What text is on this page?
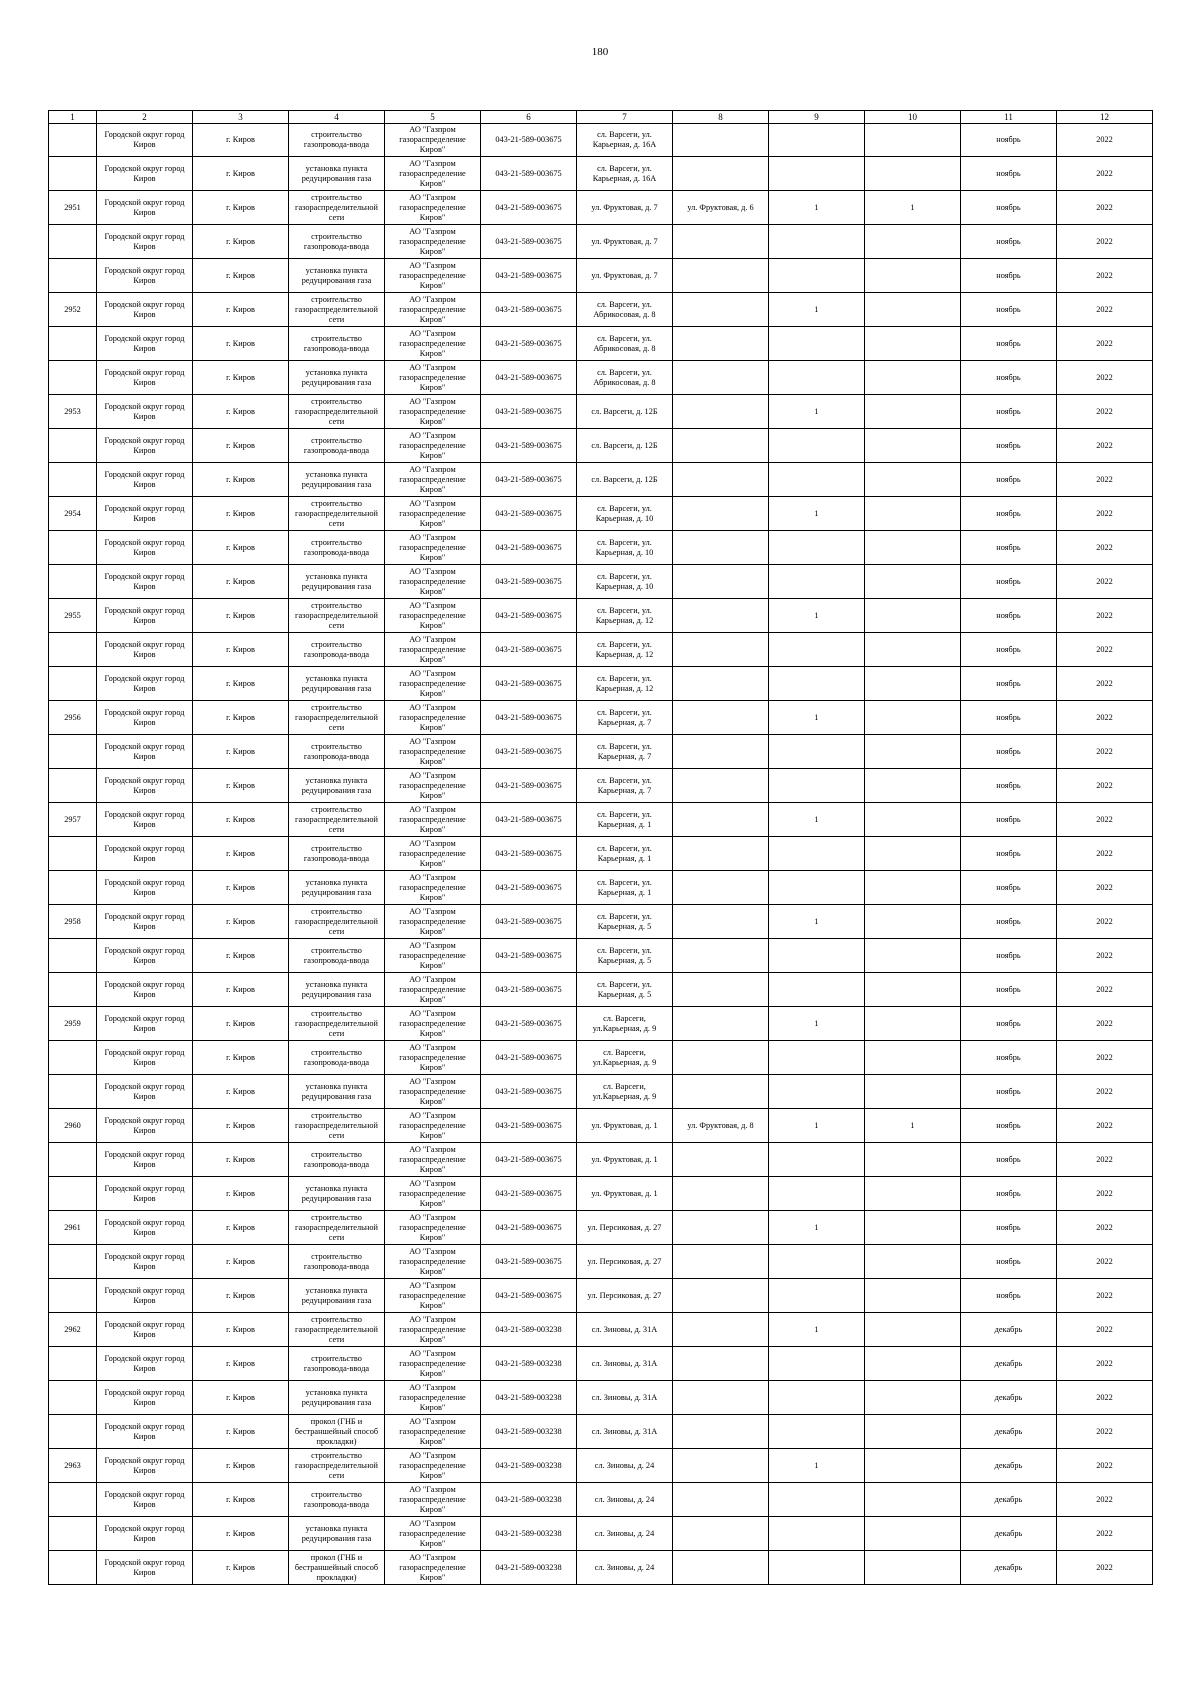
180
1	2	3	4	5	6	7	8	9	10	11	12
	Городской округ город Киров	г. Киров	строительство газопровода-ввода	АО "Газпром газораспределение Киров"	043-21-589-003675	сл. Варсеги, ул. Карьерная, д. 16А				ноябрь	2022
	Городской округ город Киров	г. Киров	установка пункта редуцирования газа	АО "Газпром газораспределение Киров"	043-21-589-003675	сл. Варсеги, ул. Карьерная, д. 16А				ноябрь	2022
2951	Городской округ город Киров	г. Киров	строительство газораспределительной сети	АО "Газпром газораспределение Киров"	043-21-589-003675	ул. Фруктовая, д. 7	ул. Фруктовая, д. 6	1	1	ноябрь	2022
	Городской округ город Киров	г. Киров	строительство газопровода-ввода	АО "Газпром газораспределение Киров"	043-21-589-003675	ул. Фруктовая, д. 7				ноябрь	2022
	Городской округ город Киров	г. Киров	установка пункта редуцирования газа	АО "Газпром газораспределение Киров"	043-21-589-003675	ул. Фруктовая, д. 7				ноябрь	2022
2952	Городской округ город Киров	г. Киров	строительство газораспределительной сети	АО "Газпром газораспределение Киров"	043-21-589-003675	сл. Варсеги, ул. Абрикосовая, д. 8		1		ноябрь	2022
	Городской округ город Киров	г. Киров	строительство газопровода-ввода	АО "Газпром газораспределение Киров"	043-21-589-003675	сл. Варсеги, ул. Абрикосовая, д. 8				ноябрь	2022
	Городской округ город Киров	г. Киров	установка пункта редуцирования газа	АО "Газпром газораспределение Киров"	043-21-589-003675	сл. Варсеги, ул. Абрикосовая, д. 8				ноябрь	2022
2953	Городской округ город Киров	г. Киров	строительство газораспределительной сети	АО "Газпром газораспределение Киров"	043-21-589-003675	сл. Варсеги, д. 12Б		1		ноябрь	2022
	Городской округ город Киров	г. Киров	строительство газопровода-ввода	АО "Газпром газораспределение Киров"	043-21-589-003675	сл. Варсеги, д. 12Б				ноябрь	2022
	Городской округ город Киров	г. Киров	установка пункта редуцирования газа	АО "Газпром газораспределение Киров"	043-21-589-003675	сл. Варсеги, д. 12Б				ноябрь	2022
2954	Городской округ город Киров	г. Киров	строительство газораспределительной сети	АО "Газпром газораспределение Киров"	043-21-589-003675	сл. Варсеги, ул. Карьерная, д. 10		1		ноябрь	2022
	Городской округ город Киров	г. Киров	строительство газопровода-ввода	АО "Газпром газораспределение Киров"	043-21-589-003675	сл. Варсеги, ул. Карьерная, д. 10				ноябрь	2022
	Городской округ город Киров	г. Киров	установка пункта редуцирования газа	АО "Газпром газораспределение Киров"	043-21-589-003675	сл. Варсеги, ул. Карьерная, д. 10				ноябрь	2022
2955	Городской округ город Киров	г. Киров	строительство газораспределительной сети	АО "Газпром газораспределение Киров"	043-21-589-003675	сл. Варсеги, ул. Карьерная, д. 12		1		ноябрь	2022
	Городской округ город Киров	г. Киров	строительство газопровода-ввода	АО "Газпром газораспределение Киров"	043-21-589-003675	сл. Варсеги, ул. Карьерная, д. 12				ноябрь	2022
	Городской округ город Киров	г. Киров	установка пункта редуцирования газа	АО "Газпром газораспределение Киров"	043-21-589-003675	сл. Варсеги, ул. Карьерная, д. 12				ноябрь	2022
2956	Городской округ город Киров	г. Киров	строительство газораспределительной сети	АО "Газпром газораспределение Киров"	043-21-589-003675	сл. Варсеги, ул. Карьерная, д. 7		1		ноябрь	2022
	Городской округ город Киров	г. Киров	строительство газопровода-ввода	АО "Газпром газораспределение Киров"	043-21-589-003675	сл. Варсеги, ул. Карьерная, д. 7				ноябрь	2022
	Городской округ город Киров	г. Киров	установка пункта редуцирования газа	АО "Газпром газораспределение Киров"	043-21-589-003675	сл. Варсеги, ул. Карьерная, д. 7				ноябрь	2022
2957	Городской округ город Киров	г. Киров	строительство газораспределительной сети	АО "Газпром газораспределение Киров"	043-21-589-003675	сл. Варсеги, ул. Карьерная, д. 1		1		ноябрь	2022
	Городской округ город Киров	г. Киров	строительство газопровода-ввода	АО "Газпром газораспределение Киров"	043-21-589-003675	сл. Варсеги, ул. Карьерная, д. 1				ноябрь	2022
	Городской округ город Киров	г. Киров	установка пункта редуцирования газа	АО "Газпром газораспределение Киров"	043-21-589-003675	сл. Варсеги, ул. Карьерная, д. 1				ноябрь	2022
2958	Городской округ город Киров	г. Киров	строительство газораспределительной сети	АО "Газпром газораспределение Киров"	043-21-589-003675	сл. Варсеги, ул. Карьерная, д. 5		1		ноябрь	2022
	Городской округ город Киров	г. Киров	строительство газопровода-ввода	АО "Газпром газораспределение Киров"	043-21-589-003675	сл. Варсеги, ул. Карьерная, д. 5				ноябрь	2022
	Городской округ город Киров	г. Киров	установка пункта редуцирования газа	АО "Газпром газораспределение Киров"	043-21-589-003675	сл. Варсеги, ул. Карьерная, д. 5				ноябрь	2022
2959	Городской округ город Киров	г. Киров	строительство газораспределительной сети	АО "Газпром газораспределение Киров"	043-21-589-003675	сл. Варсеги, ул.Карьерная, д. 9		1		ноябрь	2022
	Городской округ город Киров	г. Киров	строительство газопровода-ввода	АО "Газпром газораспределение Киров"	043-21-589-003675	сл. Варсеги, ул.Карьерная, д. 9				ноябрь	2022
	Городской округ город Киров	г. Киров	установка пункта редуцирования газа	АО "Газпром газораспределение Киров"	043-21-589-003675	сл. Варсеги, ул.Карьерная, д. 9				ноябрь	2022
2960	Городской округ город Киров	г. Киров	строительство газораспределительной сети	АО "Газпром газораспределение Киров"	043-21-589-003675	ул. Фруктовая, д. 1	ул. Фруктовая, д. 8	1	1	ноябрь	2022
	Городской округ город Киров	г. Киров	строительство газопровода-ввода	АО "Газпром газораспределение Киров"	043-21-589-003675	ул. Фруктовая, д. 1				ноябрь	2022
	Городской округ город Киров	г. Киров	установка пункта редуцирования газа	АО "Газпром газораспределение Киров"	043-21-589-003675	ул. Фруктовая, д. 1				ноябрь	2022
2961	Городской округ город Киров	г. Киров	строительство газораспределительной сети	АО "Газпром газораспределение Киров"	043-21-589-003675	ул. Персиковая, д. 27		1		ноябрь	2022
	Городской округ город Киров	г. Киров	строительство газопровода-ввода	АО "Газпром газораспределение Киров"	043-21-589-003675	ул. Персиковая, д. 27				ноябрь	2022
	Городской округ город Киров	г. Киров	установка пункта редуцирования газа	АО "Газпром газораспределение Киров"	043-21-589-003675	ул. Персиковая, д. 27				ноябрь	2022
2962	Городской округ город Киров	г. Киров	строительство газораспределительной сети	АО "Газпром газораспределение Киров"	043-21-589-003238	сл. Зиновы, д. 31А		1		декабрь	2022
	Городской округ город Киров	г. Киров	строительство газопровода-ввода	АО "Газпром газораспределение Киров"	043-21-589-003238	сл. Зиновы, д. 31А				декабрь	2022
	Городской округ город Киров	г. Киров	установка пункта редуцирования газа	АО "Газпром газораспределение Киров"	043-21-589-003238	сл. Зиновы, д. 31А				декабрь	2022
	Городской округ город Киров	г. Киров	прокол (ГНБ и бестраншейный способ прокладки)	АО "Газпром газораспределение Киров"	043-21-589-003238	сл. Зиновы, д. 31А				декабрь	2022
2963	Городской округ город Киров	г. Киров	строительство газораспределительной сети	АО "Газпром газораспределение Киров"	043-21-589-003238	сл. Зиновы, д. 24		1		декабрь	2022
	Городской округ город Киров	г. Киров	строительство газопровода-ввода	АО "Газпром газораспределение Киров"	043-21-589-003238	сл. Зиновы, д. 24				декабрь	2022
	Городской округ город Киров	г. Киров	установка пункта редуцирования газа	АО "Газпром газораспределение Киров"	043-21-589-003238	сл. Зиновы, д. 24				декабрь	2022
	Городской округ город Киров	г. Киров	прокол (ГНБ и бестраншейный способ прокладки)	АО "Газпром газораспределение Киров"	043-21-589-003238	сл. Зиновы, д. 24				декабрь	2022
